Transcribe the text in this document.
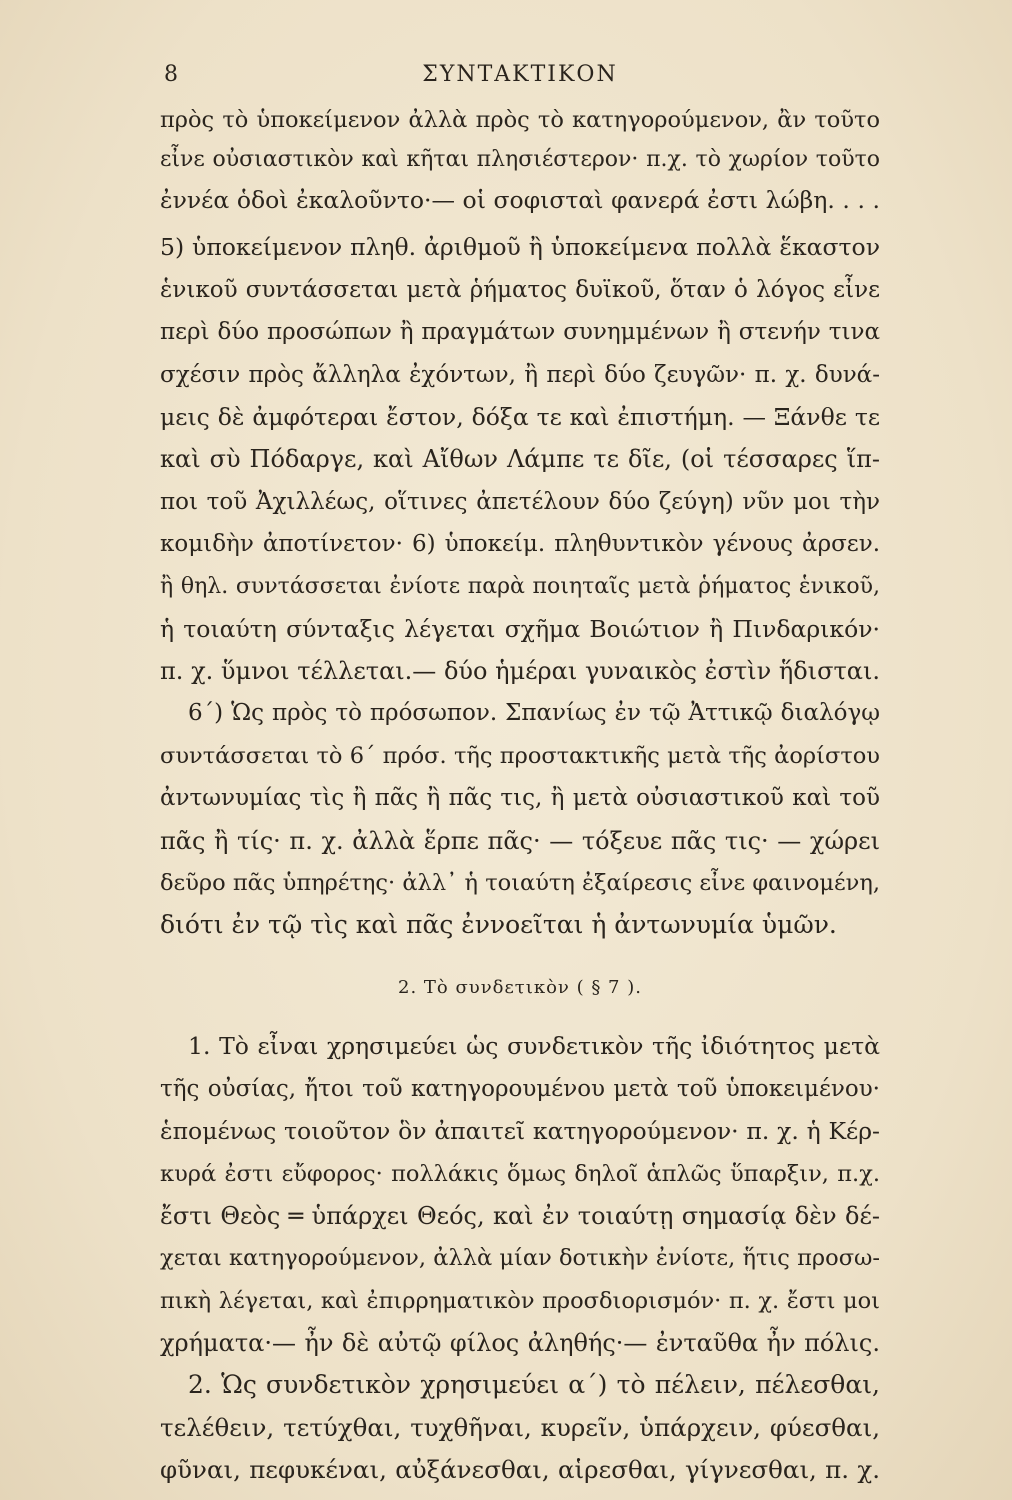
8	ΣΥΝΤΑΚΤΙΚΟΝ
πρὸς τὸ ὑποκείμενον ἀλλὰ πρὸς τὸ κατηγορούμενον, ἂν τοῦτο
εἶνε οὐσιαστικὸν καὶ κῆται πλησιέστερον· π.χ. τὸ χωρίον τοῦτο
ἐννέα ὁδοὶ ἐκαλοῦντο·— οἱ σοφισταὶ φανερά ἐστι λώβη. . . .
5) ὑποκείμενον πληθ. ἀριθμοῦ ἢ ὑποκείμενα πολλὰ ἕκαστον
ἑνικοῦ συντάσσεται μετὰ ῥήματος δυϊκοῦ, ὅταν ὁ λόγος εἶνε
περὶ δύο προσώπων ἢ πραγμάτων συνημμένων ἢ στενήν τινα
σχέσιν πρὸς ἄλληλα ἐχόντων, ἢ περὶ δύο ζευγῶν· π. χ. δυνά-
μεις δὲ ἀμφότεραι ἔστον, δόξα τε καὶ ἐπιστήμη. — Ξάνθε τε
καὶ σὺ Πόδαργε, καὶ Αἴθων Λάμπε τε δῖε, (οἱ τέσσαρες ἵπ-
ποι τοῦ Ἀχιλλέως, οἵτινες ἀπετέλουν δύο ζεύγη) νῦν μοι τὴν
κομιδὴν ἀποτίνετον· 6) ὑποκείμ. πληθυντικὸν γένους ἀρσεν.
ἢ θηλ. συντάσσεται ἐνίοτε παρὰ ποιηταῖς μετὰ ῥήματος ἑνικοῦ,
ἡ τοιαύτη σύνταξις λέγεται σχῆμα Βοιώτιον ἢ Πινδαρικόν·
π. χ. ὕμνοι τέλλεται.— δύο ἡμέραι γυναικὸς ἐστὶν ἥδισται.
6΄) Ὡς πρὸς τὸ πρόσωπον. Σπανίως ἐν τῷ Ἀττικῷ διαλόγῳ
συντάσσεται τὸ 6΄ πρόσ. τῆς προστακτικῆς μετὰ τῆς ἀορίστου
ἀντωνυμίας τὶς ἢ πᾶς ἢ πᾶς τις, ἢ μετὰ οὐσιαστικοῦ καὶ τοῦ
πᾶς ἢ τίς· π. χ. ἀλλὰ ἕρπε πᾶς· — τόξευε πᾶς τις· — χώρει
δεῦρο πᾶς ὑπηρέτης· ἀλλ᾽ ἡ τοιαύτη ἐξαίρεσις εἶνε φαινομένη,
διότι ἐν τῷ τὶς καὶ πᾶς ἐννοεῖται ἡ ἀντωνυμία ὑμῶν.
2. Τὸ συνδετικὸν ( § 7 ).
1. Τὸ εἶναι χρησιμεύει ὡς συνδετικὸν τῆς ἰδιότητος μετὰ
τῆς οὐσίας, ἤτοι τοῦ κατηγορουμένου μετὰ τοῦ ὑποκειμένου·
ἑπομένως τοιοῦτον ὃν ἀπαιτεῖ κατηγορούμενον· π. χ. ἡ Κέρ-
κυρά ἐστι εὔφορος· πολλάκις ὅμως δηλοῖ ἁπλῶς ὕπαρξιν, π.χ.
ἔστι Θεὸς ═ ὑπάρχει Θεός, καὶ ἐν τοιαύτῃ σημασίᾳ δὲν δέ-
χεται κατηγορούμενον, ἀλλὰ μίαν δοτικὴν ἐνίοτε, ἥτις προσω-
πικὴ λέγεται, καὶ ἐπιρρηματικὸν προσδιορισμόν· π. χ. ἔστι μοι
χρήματα·— ἦν δὲ αὐτῷ φίλος ἀληθής·— ἐνταῦθα ἦν πόλις.
2. Ὡς συνδετικὸν χρησιμεύει α΄) τὸ πέλειν, πέλεσθαι,
τελέθειν, τετύχθαι, τυχθῆναι, κυρεῖν, ὑπάρχειν, φύεσθαι,
φῦναι, πεφυκέναι, αὐξάνεσθαι, αἱρεσθαι, γίγνεσθαι, π. χ.
